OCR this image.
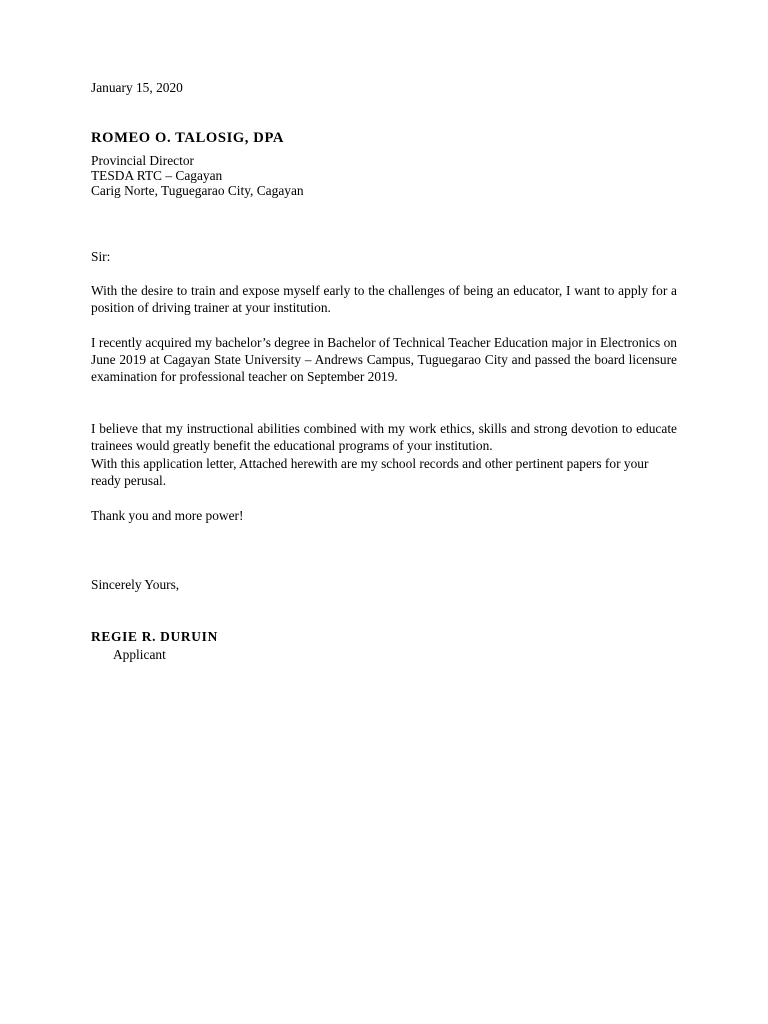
January 15, 2020
ROMEO O. TALOSIG, DPA
Provincial Director
TESDA RTC – Cagayan
Carig Norte, Tuguegarao City, Cagayan
Sir:

With the desire to train and expose myself early to the challenges of being an educator, I want to apply for a position of driving trainer at your institution.

I recently acquired my bachelor’s degree in Bachelor of Technical Teacher Education major in Electronics on June 2019 at Cagayan State University – Andrews Campus, Tuguegarao City and passed the board licensure examination for professional teacher on September 2019.

I believe that my instructional abilities combined with my work ethics, skills and strong devotion to educate trainees would greatly benefit the educational programs of your institution.

With this application letter, Attached herewith are my school records and other pertinent papers for your ready perusal.

Thank you and more power!
Sincerely Yours,
REGIE R. DURUIN
Applicant
